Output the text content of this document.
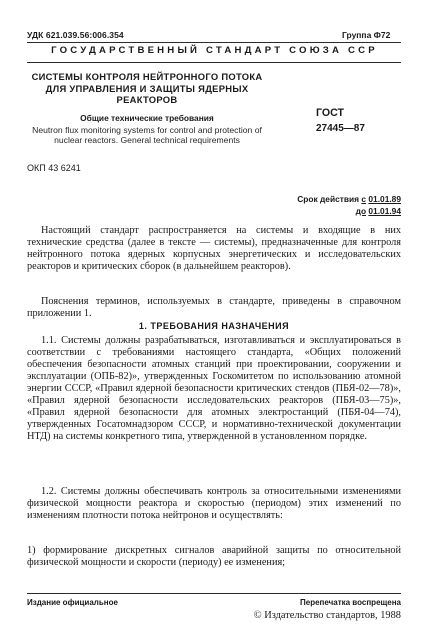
УДК 621.039.56:006.354	Группа Ф72
ГОСУДАРСТВЕННЫЙ СТАНДАРТ СОЮЗА ССР
СИСТЕМЫ КОНТРОЛЯ НЕЙТРОННОГО ПОТОКА ДЛЯ УПРАВЛЕНИЯ И ЗАЩИТЫ ЯДЕРНЫХ РЕАКТОРОВ
Общие технические требования
Neutron flux monitoring systems for control and protection of nuclear reactors. General technical requirements
ГОСТ
27445—87
ОКП 43 6241
Срок действия с 01.01.89
до 01.01.94

Настоящий стандарт распространяется на системы и входящие в них технические средства (далее в тексте — системы), предназначенные для контроля нейтронного потока ядерных корпусных энергетических и исследовательских реакторов и критических сборок (в дальнейшем реакторов).

Пояснения терминов, используемых в стандарте, приведены в справочном приложении 1.

1. ТРЕБОВАНИЯ НАЗНАЧЕНИЯ

1.1. Системы должны разрабатываться, изготавливаться и эксплуатироваться в соответствии с требованиями настоящего стандарта, «Общих положений обеспечения безопасности атомных станций при проектировании, сооружении и эксплуатации (ОПБ-82)», утвержденных Госкомитетом по использованию атомной энергии СССР, «Правил ядерной безопасности критических стендов (ПБЯ-02—78)», «Правил ядерной безопасности исследовательских реакторов (ПБЯ-03—75)», «Правил ядерной безопасности для атомных электростанций (ПБЯ-04—74), утвержденных Госатомнадзором СССР, и нормативно-технической документации НТД) на системы конкретного типа, утвержденной в установленном порядке.

1.2. Системы должны обеспечивать контроль за относительными изменениями физической мощности реактора и скоростью (периодом) этих изменений по изменениям плотности потока нейтронов и осуществлять:

1) формирование дискретных сигналов аварийной защиты по относительной физической мощности и скорости (периоду) ее изменения;

Издание официальное	Перепечатка воспрещена
© Издательство стандартов, 1988
